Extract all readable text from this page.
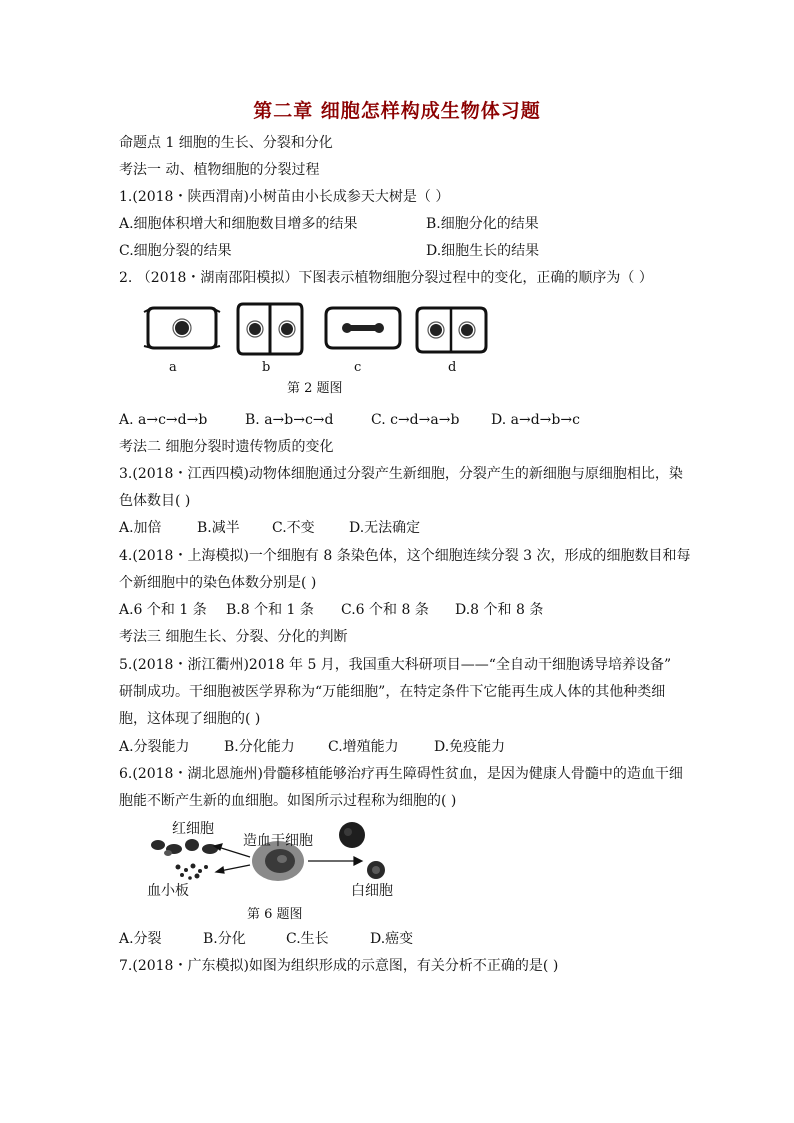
第二章 细胞怎样构成生物体习题
命题点 1 细胞的生长、分裂和分化
考法一 动、植物细胞的分裂过程
1.(2018・陕西渭南)小树苗由小长成参天大树是（ ）
A.细胞体积增大和细胞数目增多的结果	B.细胞分化的结果
C.细胞分裂的结果	D.细胞生长的结果
2. （2018・湖南邵阳模拟）下图表示植物细胞分裂过程中的变化，正确的顺序为（ ）
a	b	c	d
第 2 题图
A. a→c→d→b	B. a→b→c→d	C. c→d→a→b D. a→d→b→c
考法二 细胞分裂时遗传物质的变化
3.(2018・江西四模)动物体细胞通过分裂产生新细胞，分裂产生的新细胞与原细胞相比，染
色体数目( )
A.加倍	B.减半 C.不变 D.无法确定
4.(2018・上海模拟)一个细胞有 8 条染色体，这个细胞连续分裂 3 次，形成的细胞数目和每
个新细胞中的染色体数分别是( )
A.6 个和 1 条 B.8 个和 1 条 C.6 个和 8 条 D.8 个和 8 条
考法三 细胞生长、分裂、分化的判断
5.(2018・浙江衢州)2018 年 5 月，我国重大科研项目——“全自动干细胞诱导培养设备”
研制成功。干细胞被医学界称为“万能细胞”，在特定条件下它能再生成人体的其他种类细
胞，这体现了细胞的( )
A.分裂能力 B.分化能力 C.增殖能力	D.免疫能力
6.(2018・湖北恩施州)骨髓移植能够治疗再生障碍性贫血，是因为健康人骨髓中的造血干细
胞能不断产生新的血细胞。如图所示过程称为细胞的( )
红细胞
造血干细胞
血小板	白细胞
第 6 题图
A.分裂	B.分化	C.生长	D.癌变
7.(2018・广东模拟)如图为组织形成的示意图，有关分析不正确的是( )
